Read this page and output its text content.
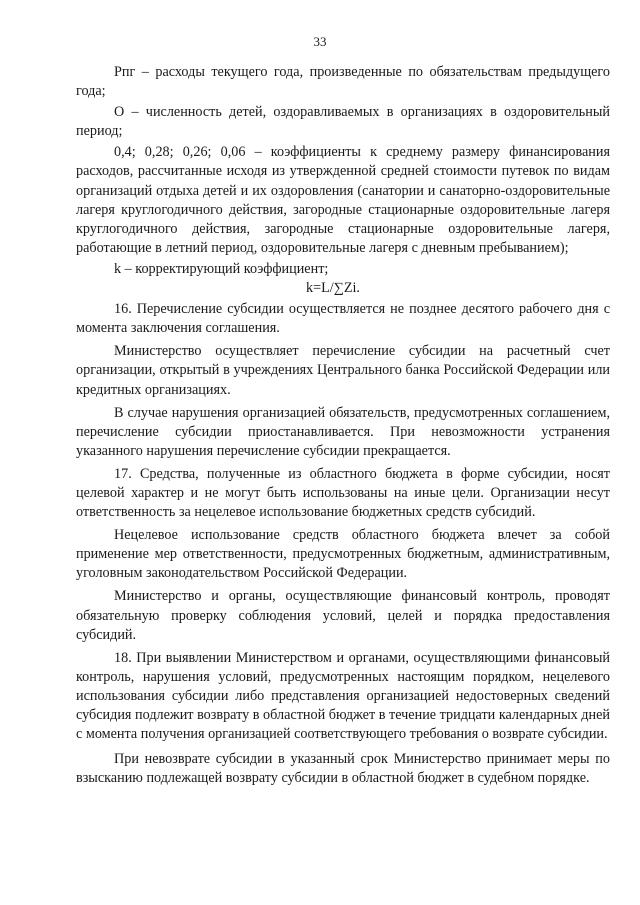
33

Рпг – расходы текущего года, произведенные по обязательствам предыдущего года;

О – численность детей, оздоравливаемых в организациях в оздоровительный период;

0,4; 0,28; 0,26; 0,06 – коэффициенты к среднему размеру финансирования расходов, рассчитанные исходя из утвержденной средней стоимости путевок по видам организаций отдыха детей и их оздоровления (санатории и санаторно-оздоровительные лагеря круглогодичного действия, загородные стационарные оздоровительные лагеря круглогодичного действия, загородные стационарные оздоровительные лагеря, работающие в летний период, оздоровительные лагеря с дневным пребыванием);

k – корректирующий коэффициент;

k=L/∑Zi.

16. Перечисление субсидии осуществляется не позднее десятого рабочего дня с момента заключения соглашения.

Министерство осуществляет перечисление субсидии на расчетный счет организации, открытый в учреждениях Центрального банка Российской Федерации или кредитных организациях.

В случае нарушения организацией обязательств, предусмотренных соглашением, перечисление субсидии приостанавливается. При невозможности устранения указанного нарушения перечисление субсидии прекращается.

17. Средства, полученные из областного бюджета в форме субсидии, носят целевой характер и не могут быть использованы на иные цели. Организации несут ответственность за нецелевое использование бюджетных средств субсидий.

Нецелевое использование средств областного бюджета влечет за собой применение мер ответственности, предусмотренных бюджетным, административным, уголовным законодательством Российской Федерации.

Министерство и органы, осуществляющие финансовый контроль, проводят обязательную проверку соблюдения условий, целей и порядка предоставления субсидий.

18. При выявлении Министерством и органами, осуществляющими финансовый контроль, нарушения условий, предусмотренных настоящим порядком, нецелевого использования субсидии либо представления организацией недостоверных сведений субсидия подлежит возврату в областной бюджет в течение тридцати календарных дней с момента получения организацией соответствующего требования о возврате субсидии.

При невозврате субсидии в указанный срок Министерство принимает меры по взысканию подлежащей возврату субсидии в областной бюджет в судебном порядке.
